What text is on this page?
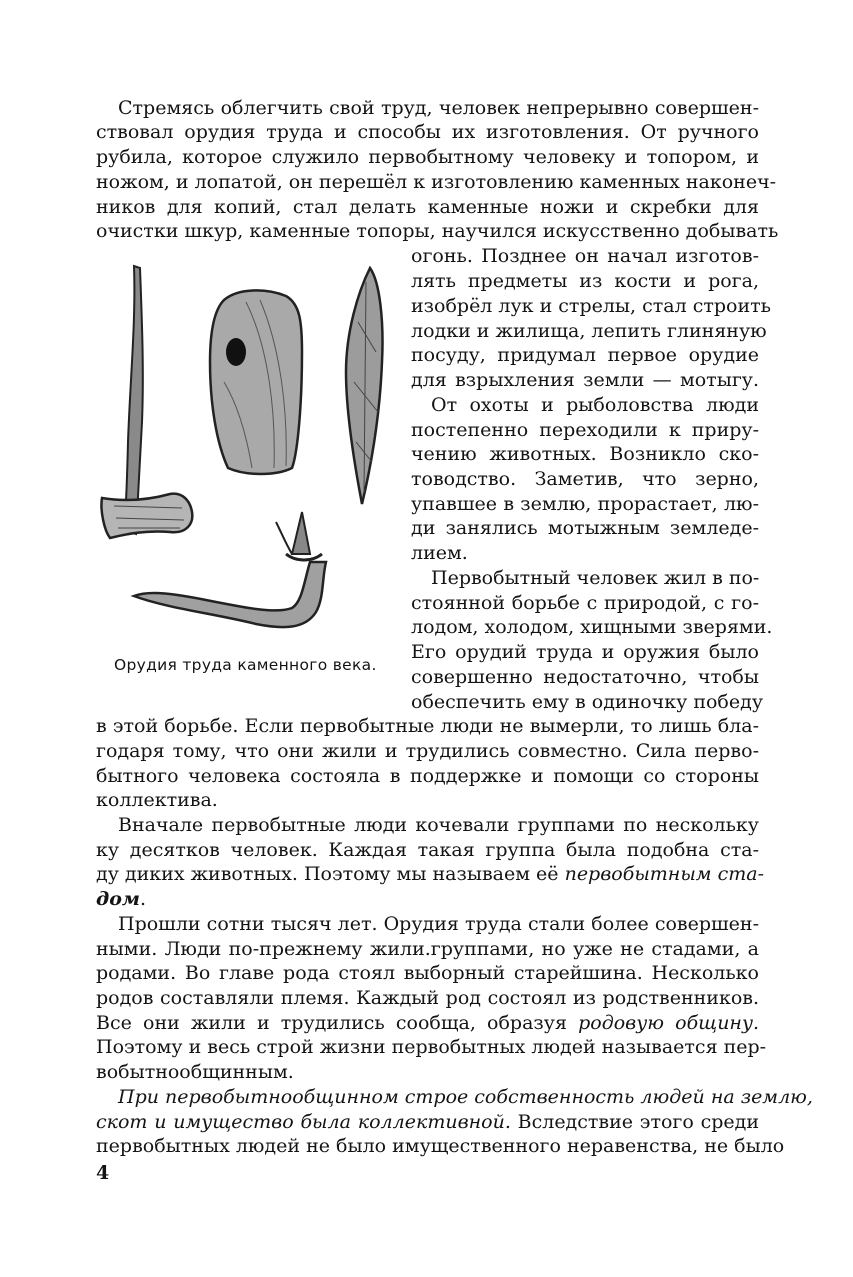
Стремясь облегчить свой труд, человек непрерывно совершен-
ствовал орудия труда и способы их изготовления. От ручного
рубила, которое служило первобытному человеку и топором, и
ножом, и лопатой, он перешёл к изготовлению каменных наконеч-
ников для копий, стал делать каменные ножи и скребки для
очистки шкур, каменные топоры, научился искусственно добывать
огонь. Позднее он начал изготов-
лять предметы из кости и рога,
изобрёл лук и стрелы, стал строить
лодки и жилища, лепить глиняную
посуду, придумал первое орудие
для взрыхления земли — мотыгу.
От охоты и рыболовства люди
постепенно переходили к приру-
чению животных. Возникло ско-
товодство. Заметив, что зерно,
упавшее в землю, прорастает, лю-
ди занялись мотыжным земледе-
лием.
Первобытный человек жил в по-
стоянной борьбе с природой, с го-
лодом, холодом, хищными зверями.
Его орудий труда и оружия было
совершенно недостаточно, чтобы
обеспечить ему в одиночку победу
в этой борьбе. Если первобытные люди не вымерли, то лишь бла-
годаря тому, что они жили и трудились совместно. Сила перво-
бытного человека состояла в поддержке и помощи со стороны
коллектива.
Вначале первобытные люди кочевали группами по нескольку
ку десятков человек. Каждая такая группа была подобна ста-
ду диких животных. Поэтому мы называем её первобытным ста-
дом.
Прошли сотни тысяч лет. Орудия труда стали более совершен-
ными. Люди по-прежнему жили.группами, но уже не стадами, а
родами. Во главе рода стоял выборный старейшина. Несколько
родов составляли племя. Каждый род состоял из родственников.
Все они жили и трудились сообща, образуя родовую общину.
Поэтому и весь строй жизни первобытных людей называется пер-
вобытнообщинным.
При первобытнообщинном строе собственность людей на землю,
скот и имущество была коллективной. Вследствие этого среди
первобытных людей не было имущественного неравенства, не было
Орудия труда каменного века.
4
